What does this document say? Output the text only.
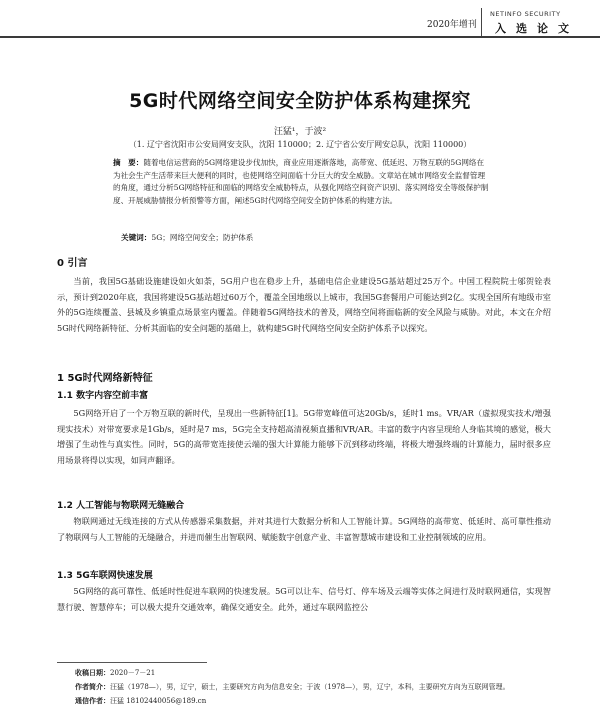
2020年增刊
NETINFO SECURITY
入选论文
5G时代网络空间安全防护体系构建探究
汪猛¹，于波²
（1. 辽宁省沈阳市公安局网安支队，沈阳 110000；2. 辽宁省公安厅网安总队，沈阳 110000）
摘　要：随着电信运营商的5G网络建设步伐加快，商业应用逐渐落地，高带宽、低延迟、万物互联的5G网络在为社会生产生活带来巨大便利的同时，也使网络空间面临十分巨大的安全威胁。文章站在城市网络安全监督管理的角度，通过分析5G网络特征和面临的网络安全威胁特点，从强化网络空间资产识别、落实网络安全等级保护制度、开展威胁情报分析预警等方面，阐述5G时代网络空间安全防护体系的构建方法。
关键词：5G；网络空间安全；防护体系
0 引言
当前，我国5G基础设施建设如火如荼，5G用户也在稳步上升，基础电信企业建设5G基站超过25万个。中国工程院院士邬贺铨表示，预计到2020年底，我国将建设5G基站超过60万个，覆盖全国地级以上城市，我国5G套餐用户可能达到2亿。实现全国所有地级市室外的5G连续覆盖、县城及乡镇重点场景室内覆盖。伴随着5G网络技术的普及，网络空间将面临新的安全风险与威胁。对此，本文在介绍5G时代网络新特征、分析其面临的安全问题的基础上，就构建5G时代网络空间安全防护体系予以探究。
1 5G时代网络新特征
1.1 数字内容空前丰富
5G网络开启了一个万物互联的新时代，呈现出一些新特征[1]。5G带宽峰值可达20Gb/s，延时1 ms。VR/AR（虚拟现实技术/增强现实技术）对带宽要求是1Gb/s，延时是7 ms，5G完全支持超高清视频直播和VR/AR。丰富的数字内容呈现给人身临其境的感觉，极大增强了生动性与真实性。同时，5G的高带宽连接使云端的强大计算能力能够下沉到移动终端，将极大增强终端的计算能力，届时很多应用场景将得以实现，如同声翻译。
1.2 人工智能与物联网无缝融合
物联网通过无线连接的方式从传感器采集数据，并对其进行大数据分析和人工智能计算。5G网络的高带宽、低延时、高可靠性推动了物联网与人工智能的无缝融合，并进而催生出智联网、赋能数字创意产业、丰富智慧城市建设和工业控制领域的应用。
1.3 5G车联网快速发展
5G网络的高可靠性、低延时性促进车联网的快速发展。5G可以让车、信号灯、停车场及云端等实体之间进行及时联网通信，实现智慧行驶、智慧停车；可以极大提升交通效率，确保交通安全。此外，通过车联网监控公
收稿日期：2020－7－21
作者简介：汪猛（1978—），男，辽宁，硕士，主要研究方向为信息安全；于波（1978—），男，辽宁，本科，主要研究方向为互联网管理。
通信作者：汪猛 18102440056@189.cn
